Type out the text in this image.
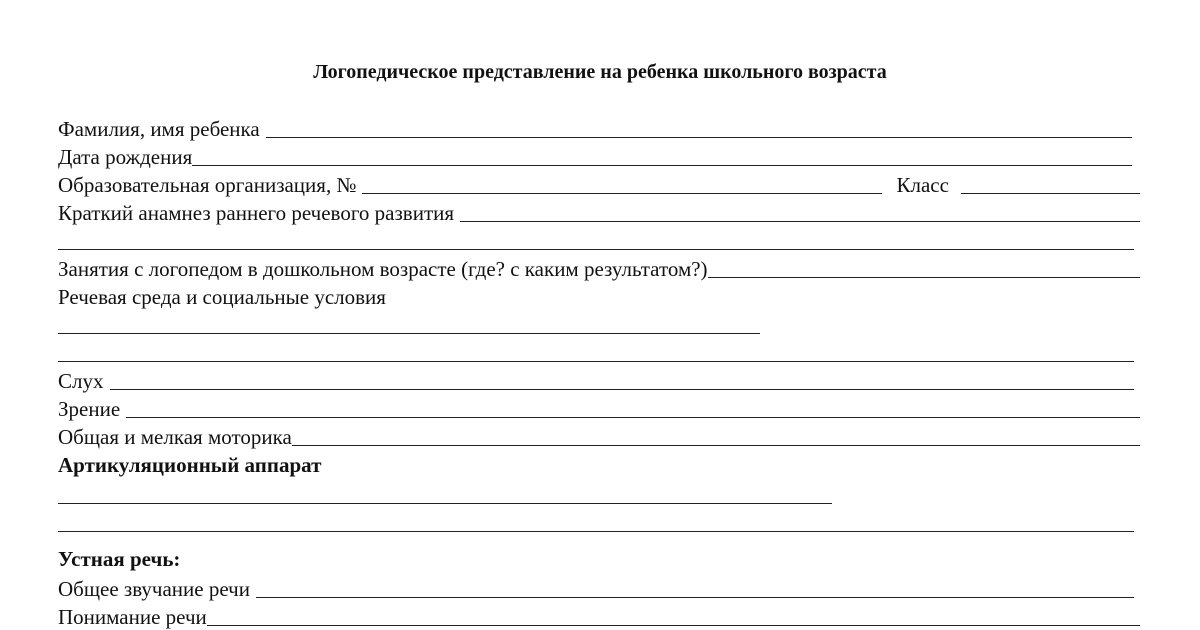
Логопедическое представление на ребенка школьного возраста
Фамилия, имя ребенка
Дата рождения
Образовательная организация, №	Класс
Краткий анамнез раннего речевого развития
Занятия с логопедом в дошкольном возрасте (где? с каким результатом?)
Речевая среда и социальные условия
Слух
Зрение
Общая и мелкая моторика
Артикуляционный аппарат
Устная речь:
Общее звучание речи
Понимание речи
